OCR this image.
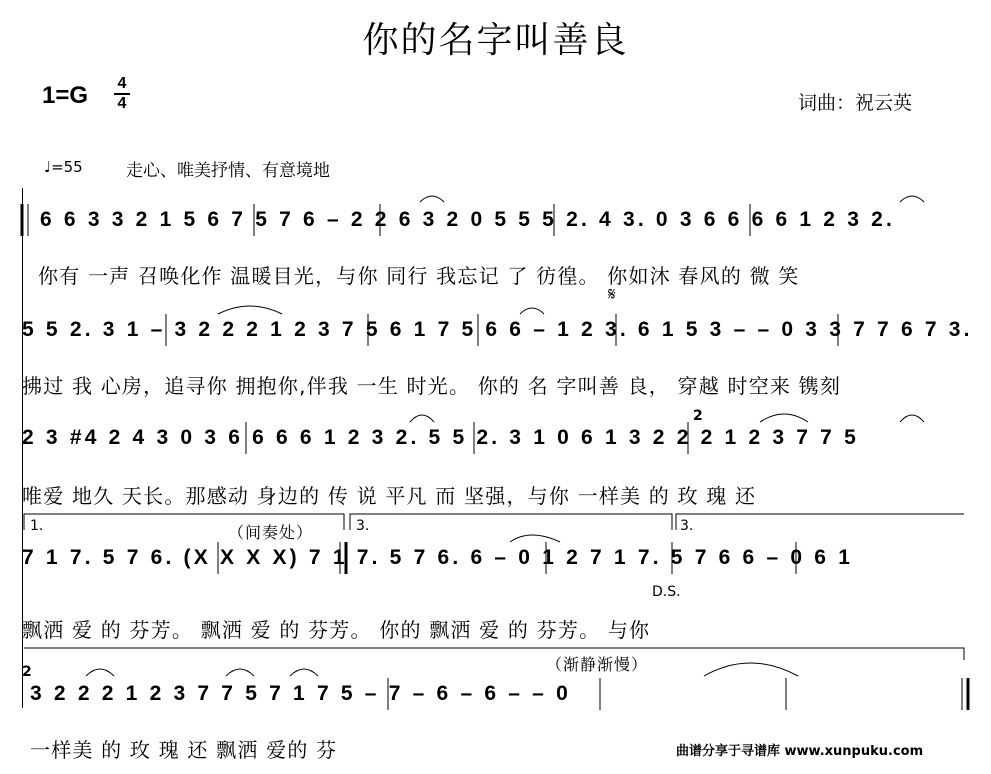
你的名字叫善良
1=G 4
4	词曲：祝云英
♩=55	走心、唯美抒情、有意境地
6 6 3 3 2 1 5 6 7 5 7 6 – 2 2 6 3 2 0 5 5 5 2. 4 3. 0 3 6 6 6 6 1 2 3 2.
你有 一声 召唤化作 温暖目光，与你 同行 我忘记 了 彷徨。 你如沐 春风的 微 笑
5 5 2. 3 1 – 3 2 2 2 1 2 3 7 5 6 1 7 5 6 6 – 1 2 3. 6 1 5 3 – – 0 3 3 7 7 6 7 3.
拂过 我 心房，追寻你 拥抱你,伴我 一生 时光。 你的 名 字叫善 良， 穿越 时空来 镌刻
𝄋
2 3 #4 2 4 3 0 3 6 6 6 6 1 2 3 2. 5 5 2. 3 1 0 6 1 3 2 2 2 1 2 3 7 7 5
唯爱 地久 天长。那感动 身边的 传 说 平凡 而 坚强，与你 一样美 的 玫 瑰 还
2
1.	3.	3.
（间奏处）
7 1 7. 5 7 6. (X X X X) 7 1 7. 5 7 6. 6 – 0 1 2 7 1 7. 5 7 6 6 – 0 6 1
D.S.
飘洒 爱 的 芬芳。 飘洒 爱 的 芬芳。 你的 飘洒 爱 的 芬芳。 与你
（渐静渐慢）
2
3 2 2 2 1 2 3 7 7 5 7 1 7 5 – 7 – 6 – 6 – – 0
一样美 的 玫 瑰 还 飘洒 爱的 芬	曲谱分享于寻谱库 www.xunpuku.com
